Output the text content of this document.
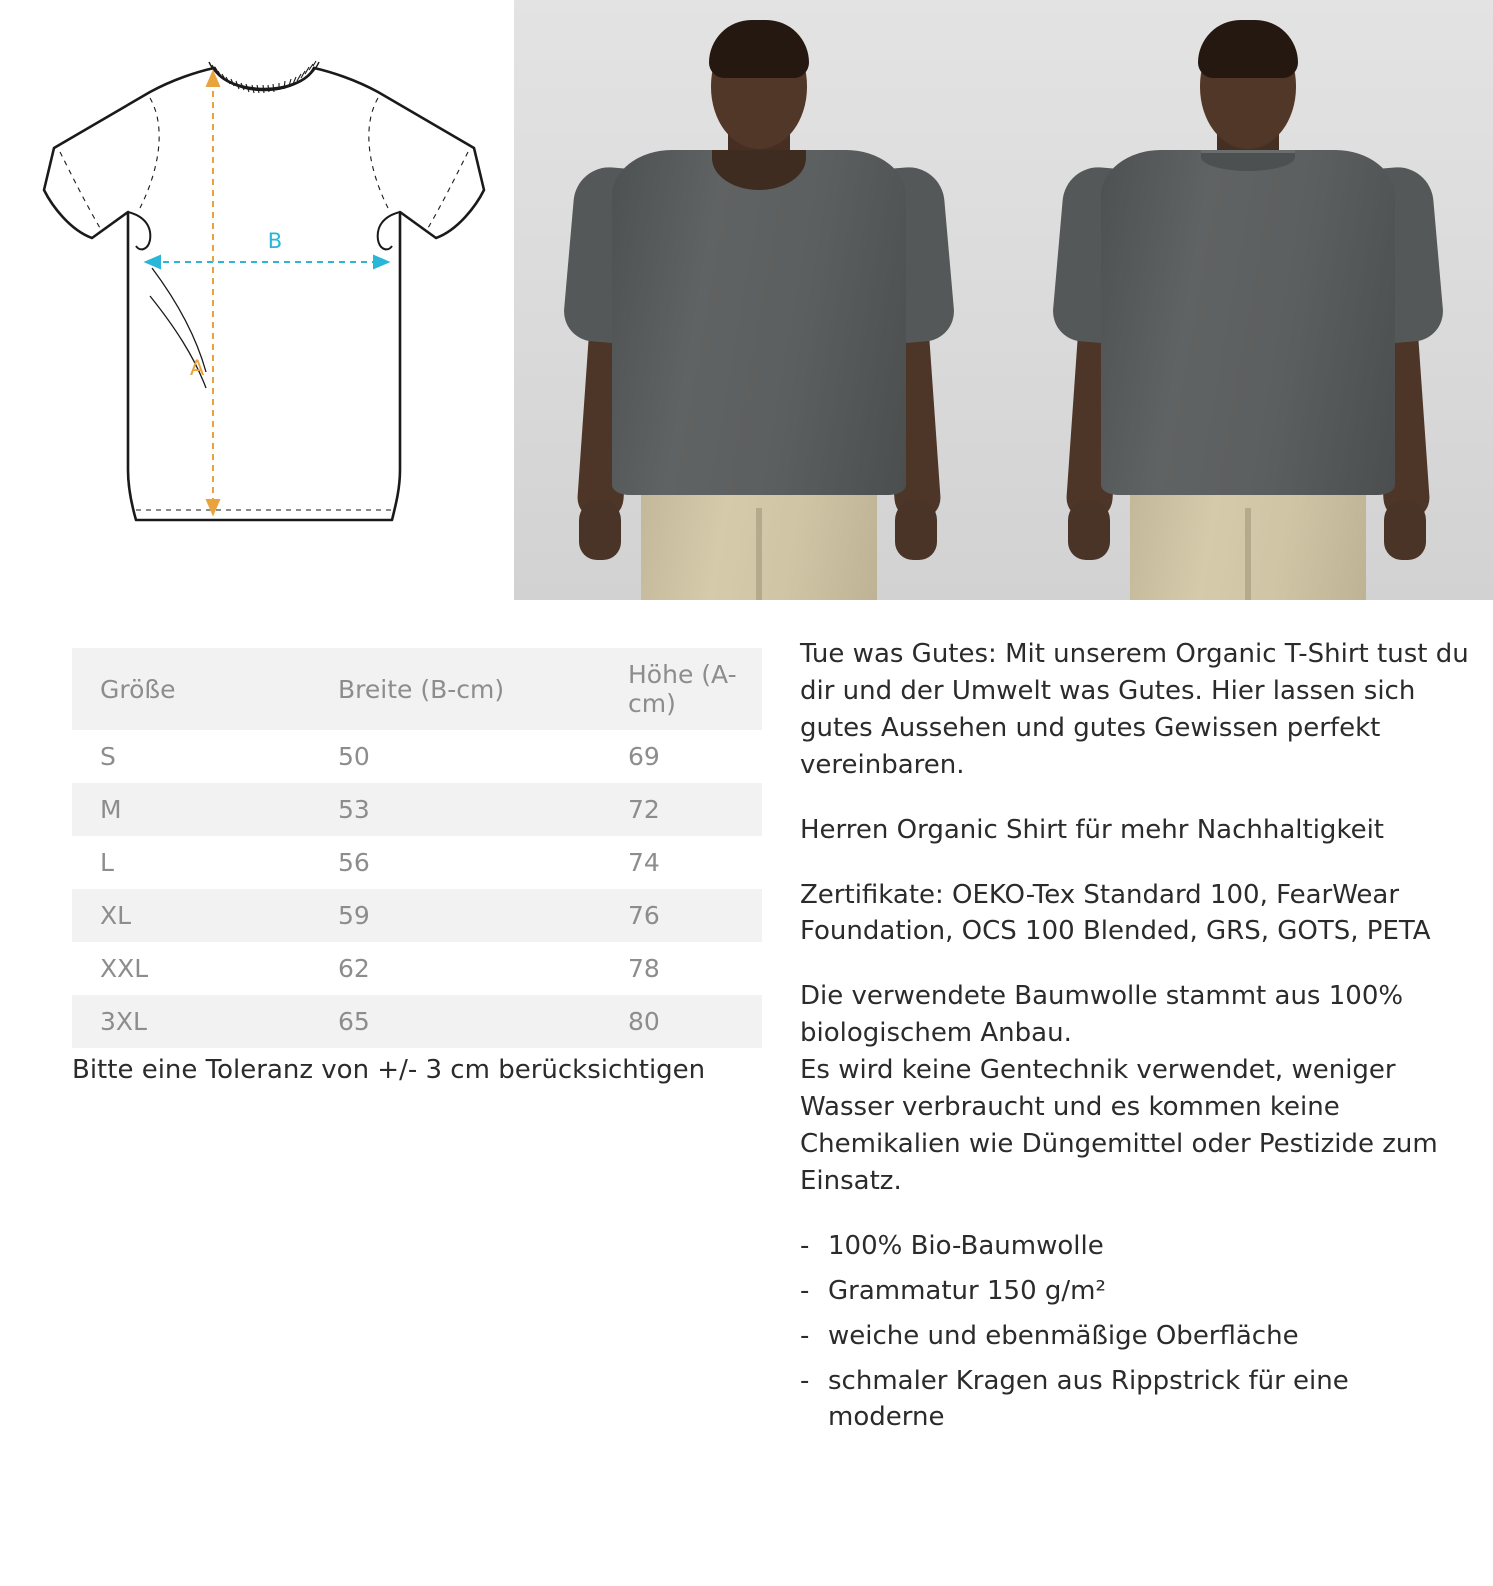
B
A
Größe	Breite (B-cm)	Höhe (A-cm)
S	50	69
M	53	72
L	56	74
XL	59	76
XXL	62	78
3XL	65	80
Bitte eine Toleranz von +/- 3 cm berücksichtigen

Tue was Gutes: Mit unserem Organic T-Shirt tust du dir und der Umwelt was Gutes. Hier lassen sich gutes Aussehen und gutes Gewissen perfekt vereinbaren.

Herren Organic Shirt für mehr Nachhaltigkeit

Zertifikate: OEKO-Tex Standard 100, FearWear Foundation, OCS 100 Blended, GRS, GOTS, PETA

Die verwendete Baumwolle stammt aus 100% biologischem Anbau.

Es wird keine Gentechnik verwendet, weniger Wasser verbraucht und es kommen keine Chemikalien wie Düngemittel oder Pestizide zum Einsatz.

- 100% Bio-Baumwolle
- Grammatur 150 g/m²
- weiche und ebenmäßige Oberfläche
- schmaler Kragen aus Rippstrick für eine moderne
